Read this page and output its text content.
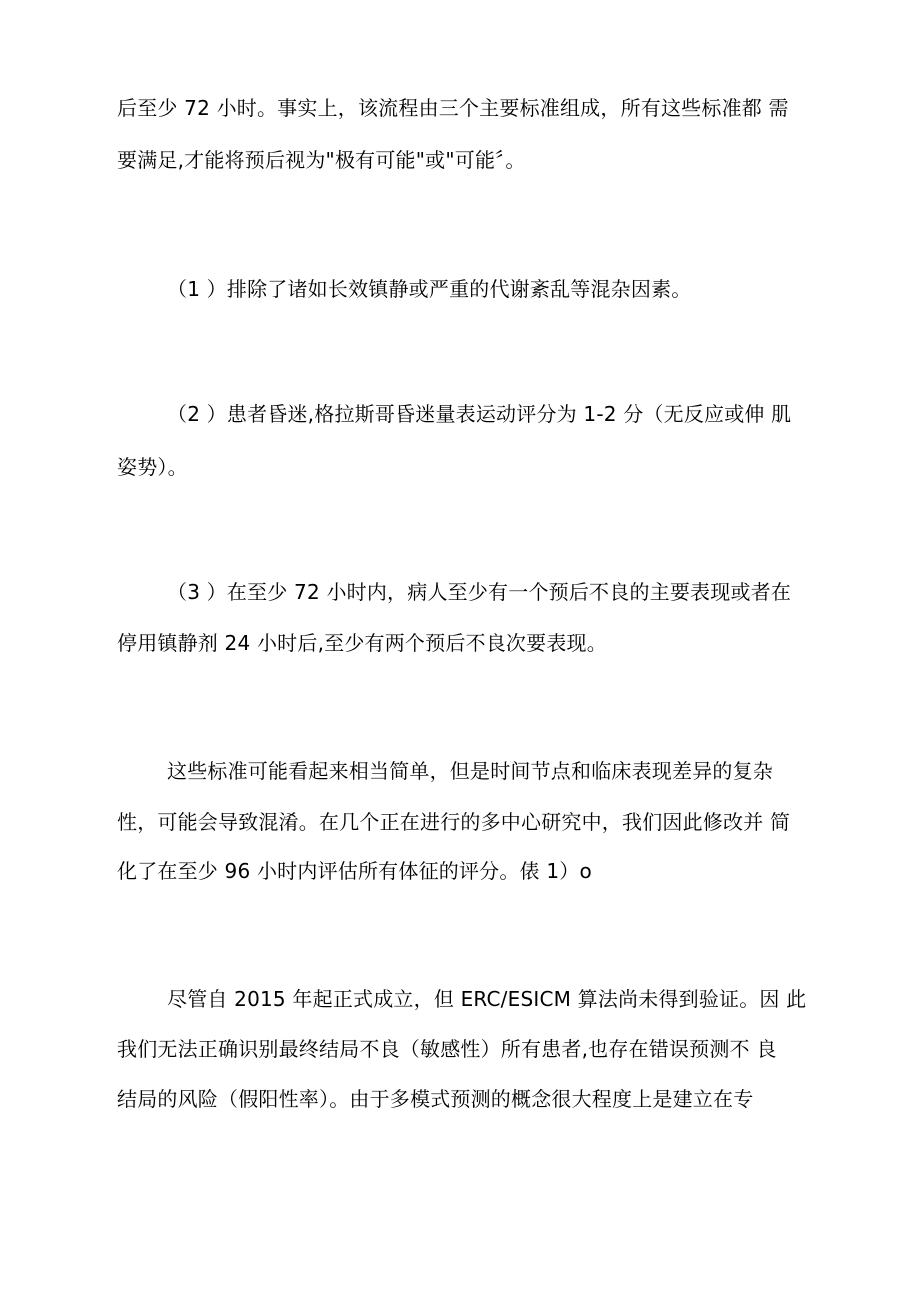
后至少 72 小时。事实上，该流程由三个主要标准组成，所有这些标准都 需
要满足,才能将预后视为"极有可能"或"可能〞。
（1 ）排除了诸如长效镇静或严重的代谢紊乱等混杂因素。
（2 ）患者昏迷,格拉斯哥昏迷量表运动评分为 1-2 分（无反应或伸 肌
姿势）。
（3 ）在至少 72 小时内，病人至少有一个预后不良的主要表现或者在
停用镇静剂 24 小时后,至少有两个预后不良次要表现。
这些标准可能看起来相当简单，但是时间节点和临床表现差异的复杂
性，可能会导致混淆。在几个正在进行的多中心研究中，我们因此修改并 简
化了在至少 96 小时内评估所有体征的评分。俵 1）o
尽管自 2015 年起正式成立，但 ERC/ESICM 算法尚未得到验证。因 此
我们无法正确识别最终结局不良（敏感性）所有患者,也存在错误预测不 良
结局的风险（假阳性率）。由于多模式预测的概念很大程度上是建立在专
